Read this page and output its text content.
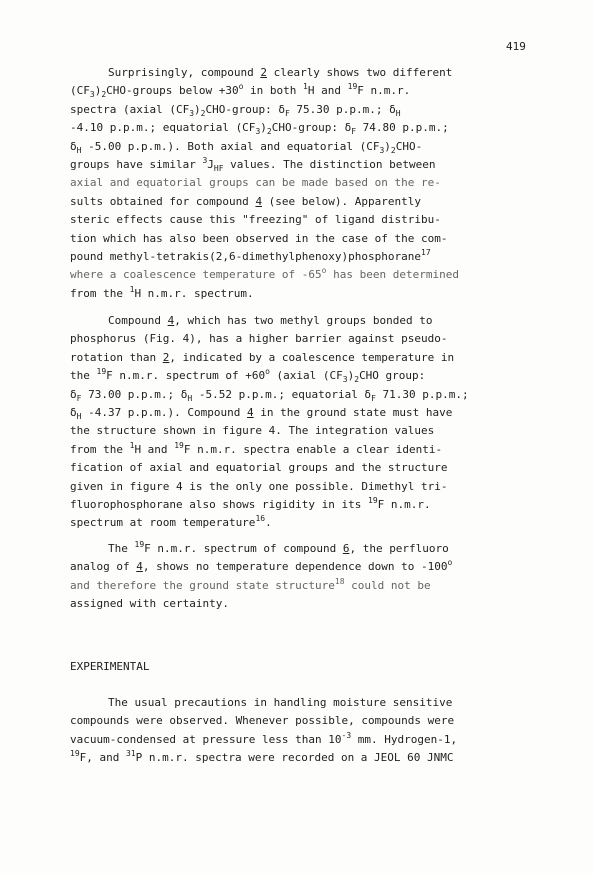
419
Surprisingly, compound 2 clearly shows two different
$(CF_3)_2CHO$-groups below $+30^o$ in both $^1$H and $^{19}$F n.m.r.
spectra (axial $(CF_3)_2CHO$-group: $\delta_F$ 75.30 p.p.m.; $\delta_H$
-4.10 p.p.m.; equatorial $(CF_3)_2CHO$-group: $\delta_F$ 74.80 p.p.m.;
$\delta_H$ -5.00 p.p.m.). Both axial and equatorial $(CF_3)_2CHO-$
groups have similar $^3J_{HF}$ values. The distinction between
axial and equatorial groups can be made based on the re-
sults obtained for compound 4 (see below). Apparently
steric effects cause this "freezing" of ligand distribu-
tion which has also been observed in the case of the com-
pound methyl-tetrakis(2,6-dimethylphenoxy)phosphorane$^{17}$
where a coalescence temperature of -65$^o$ has been determined
from the $^1$H n.m.r. spectrum.
Compound 4, which has two methyl groups bonded to
phosphorus (Fig. 4), has a higher barrier against pseudo-
rotation than 2, indicated by a coalescence temperature in
the $^{19}$F n.m.r. spectrum of $+60^o$ (axial $(CF_3)_2CHO$ group:
$\delta_F$ 73.00 p.p.m.; $\delta_H$ -5.52 p.p.m.; equatorial $\delta_F$ 71.30 p.p.m.;
$\delta_H$ -4.37 p.p.m.). Compound 4 in the ground state must have
the structure shown in figure 4. The integration values
from the $^1$H and $^{19}$F n.m.r. spectra enable a clear identi-
fication of axial and equatorial groups and the structure
given in figure 4 is the only one possible. Dimethyl tri-
fluorophosphorane also shows rigidity in its $^{19}$F n.m.r.
spectrum at room temperature$^{16}$.
The $^{19}$F n.m.r. spectrum of compound 6, the perfluoro
analog of 4, shows no temperature dependence down to -100$^o$
and therefore the ground state structure$^{18}$ could not be
assigned with certainty.
EXPERIMENTAL
The usual precautions in handling moisture sensitive
compounds were observed. Whenever possible, compounds were
vacuum-condensed at pressure less than $10^{-3}$ mm. Hydrogen-1,
$^{19}$F, and $^{31}$P n.m.r. spectra were recorded on a JEOL 60 JNMC
